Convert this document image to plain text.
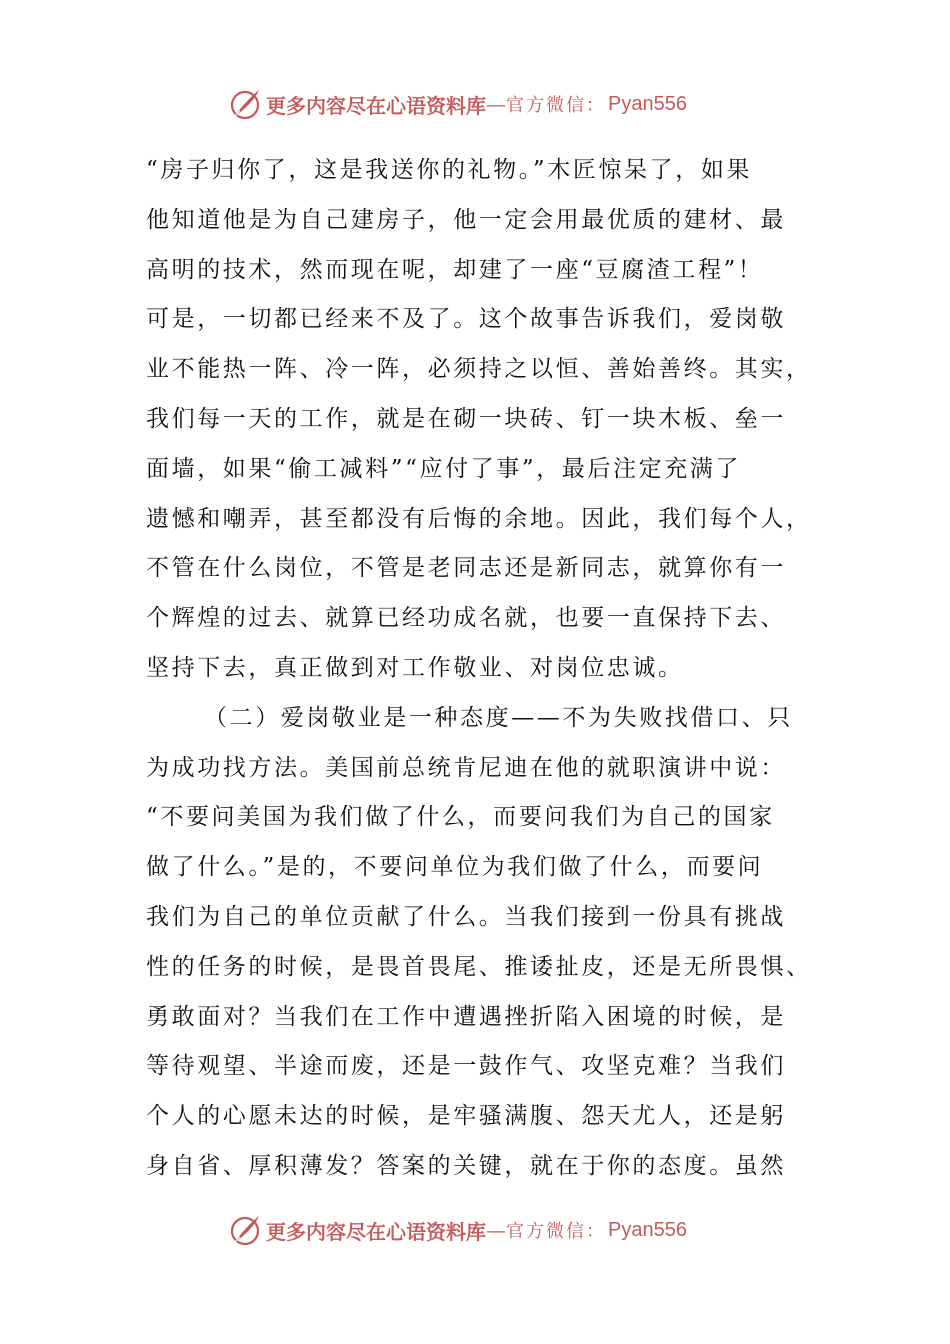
更多内容尽在心语资料库 — 官方微信： Pyan556
“房子归你了，这是我送你的礼物。”木匠惊呆了，如果
他知道他是为自己建房子，他一定会用最优质的建材、最
高明的技术，然而现在呢，却建了一座“豆腐渣工程”！
可是，一切都已经来不及了。这个故事告诉我们，爱岗敬
业不能热一阵、冷一阵，必须持之以恒、善始善终。其实，
我们每一天的工作，就是在砌一块砖、钉一块木板、垒一
面墙，如果“偷工减料”“应付了事”，最后注定充满了
遗憾和嘲弄，甚至都没有后悔的余地。因此，我们每个人，
不管在什么岗位，不管是老同志还是新同志，就算你有一
个辉煌的过去、就算已经功成名就，也要一直保持下去、
坚持下去，真正做到对工作敬业、对岗位忠诚。
（二）爱岗敬业是一种态度——不为失败找借口、只
为成功找方法。美国前总统肯尼迪在他的就职演讲中说：
“不要问美国为我们做了什么，而要问我们为自己的国家
做了什么。”是的，不要问单位为我们做了什么，而要问
我们为自己的单位贡献了什么。当我们接到一份具有挑战
性的任务的时候，是畏首畏尾、推诿扯皮，还是无所畏惧、
勇敢面对？当我们在工作中遭遇挫折陷入困境的时候，是
等待观望、半途而废，还是一鼓作气、攻坚克难？当我们
个人的心愿未达的时候，是牢骚满腹、怨天尤人，还是躬
身自省、厚积薄发？答案的关键，就在于你的态度。虽然
更多内容尽在心语资料库 — 官方微信： Pyan556
